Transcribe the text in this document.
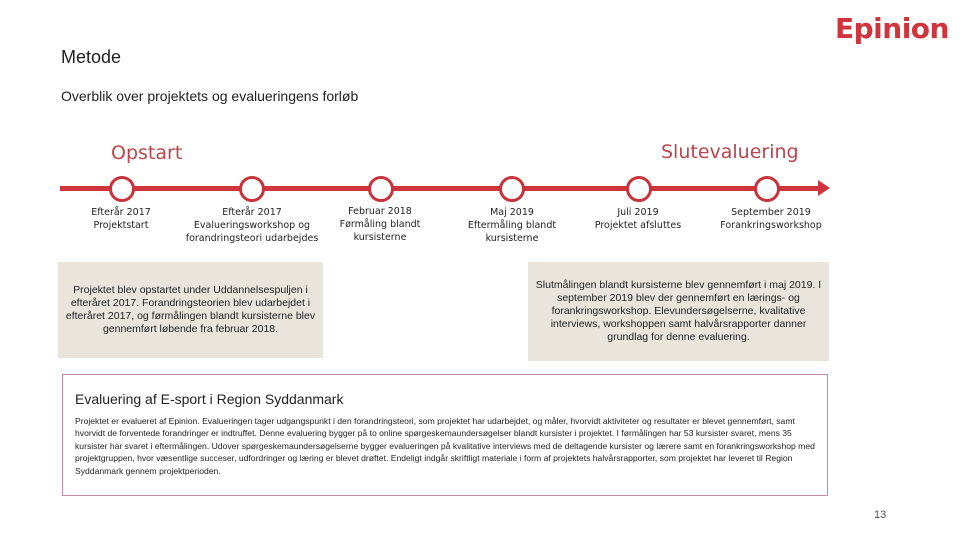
Epinion
Metode
Overblik over projektets og evalueringens forløb
Opstart	Slutevaluering
Efterår 2017
Projektstart
Efterår 2017
Evalueringsworkshop og forandringsteori udarbejdes
Februar 2018
Førmåling blandt kursisterne
Maj 2019
Eftermåling blandt kursisterne
Juli 2019
Projektet afsluttes
September 2019
Forankringsworkshop
Projektet blev opstartet under Uddannelsespuljen i efteråret 2017. Forandringsteorien blev udarbejdet i efteråret 2017, og førmålingen blandt kursisterne blev gennemført løbende fra februar 2018.
Slutmålingen blandt kursisterne blev gennemført i maj 2019. I september 2019 blev der gennemført en lærings- og forankringsworkshop. Elevundersøgelserne, kvalitative interviews, workshoppen samt halvårsrapporter danner grundlag for denne evaluering.
Evaluering af E-sport i Region Syddanmark

Projektet er evalueret af Epinion. Evalueringen tager udgangspunkt i den forandringsteori, som projektet har udarbejdet, og måler, hvorvidt aktiviteter og resultater er blevet gennemført, samt hvorvidt de forventede forandringer er indtruffet. Denne evaluering bygger på to online spørgeskemaundersøgelser blandt kursister i projektet. I førmålingen har 53 kursister svaret, mens 35 kursister har svaret i eftermålingen. Udover spørgeskemaundersøgelserne bygger evalueringen på kvalitative interviews med de deltagende kursister og lærere samt en forankringsworkshop med projektgruppen, hvor væsentlige succeser, udfordringer og læring er blevet drøftet. Endeligt indgår skriftligt materiale i form af projektets halvårsrapporter, som projektet har leveret til Region Syddanmark gennem projektperioden.

13
